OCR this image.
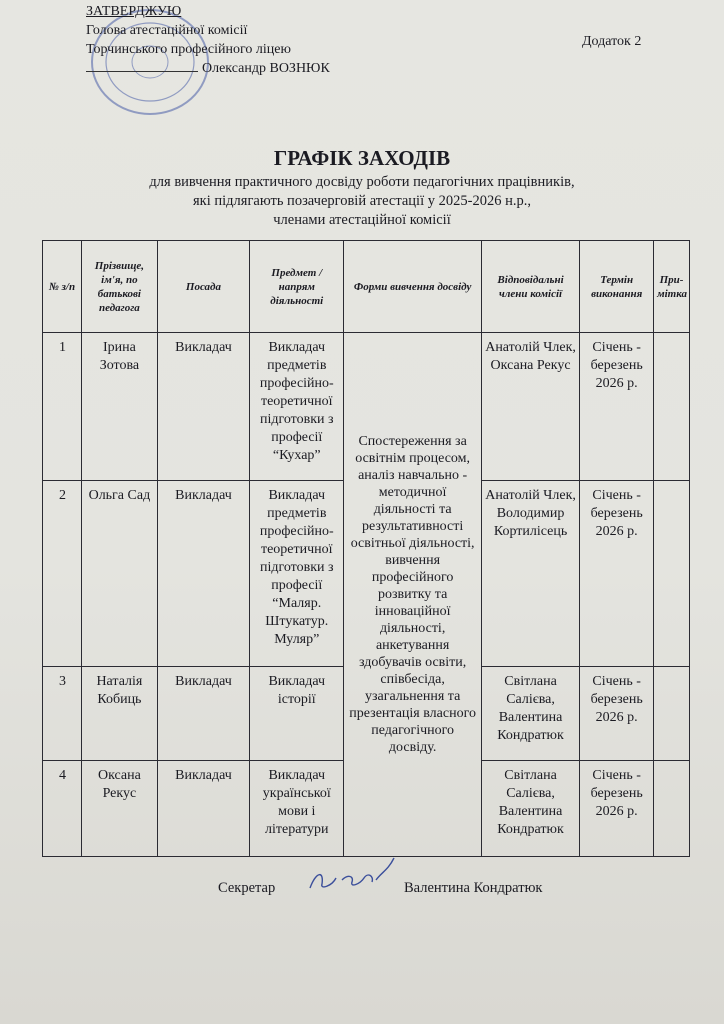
ЗАТВЕРДЖУЮ
Голова атестаційної комісії
Торчинського професійного ліцею
Олександр ВОЗНЮК
Додаток 2
ГРАФІК ЗАХОДІВ
для вивчення практичного досвіду роботи педагогічних працівників,
які підлягають позачерговій атестації у 2025-2026 н.р.,
членами атестаційної комісії
№ з/п	Прізвище, ім'я, по батькові педагога	Посада	Предмет / напрям діяльності	Форми вивчення досвіду	Відповідальні члени комісії	Термін виконання	Примітка
1	Ірина Зотова	Викладач	Викладач предметів професійно-теоретичної підготовки з професії “Кухар”	Спостереження за освітнім процесом, аналіз навчально - методичної діяльності та результативності освітньої діяльності, вивчення професійного розвитку та інноваційної діяльності, анкетування здобувачів освіти, співбесіда, узагальнення та презентація власного педагогічного досвіду.	Анатолій Члек, Оксана Рекус	Січень - березень 2026 р.	
2	Ольга Сад	Викладач	Викладач предметів професійно-теоретичної підготовки з професії “Маляр. Штукатур. Муляр”		Анатолій Члек, Володимир Кортилісець	Січень - березень 2026 р.	
3	Наталія Кобиць	Викладач	Викладач історії		Світлана Салієва, Валентина Кондратюк	Січень - березень 2026 р.	
4	Оксана Рекус	Викладач	Викладач української мови і літератури		Світлана Салієва, Валентина Кондратюк	Січень - березень 2026 р.	
Секретар	Валентина Кондратюк
